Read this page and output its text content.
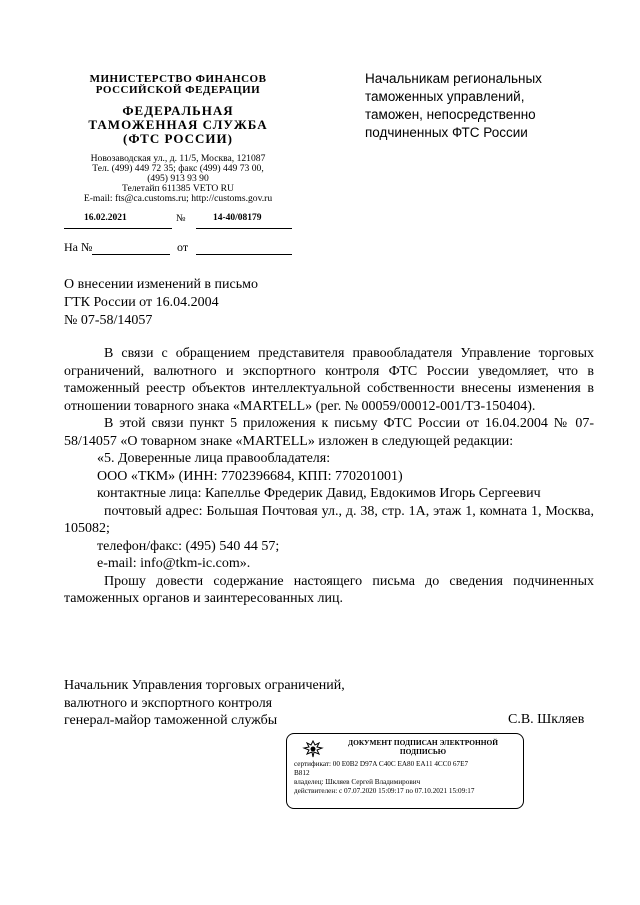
МИНИСТЕРСТВО ФИНАНСОВ
РОССИЙСКОЙ ФЕДЕРАЦИИ
ФЕДЕРАЛЬНАЯ
ТАМОЖЕННАЯ СЛУЖБА
(ФТС РОССИИ)
Новозаводская ул., д. 11/5, Москва, 121087
Тел. (499) 449 72 35; факс (499) 449 73 00,
(495) 913 93 90
Телетайп 611385 VETO RU
E-mail: fts@ca.customs.ru; http://customs.gov.ru
16.02.2021	№	14-40/08179
На №	от
Начальникам региональных
таможенных управлений,
таможен, непосредственно
подчиненных ФТС России
О внесении изменений в письмо
ГТК России от 16.04.2004
№ 07-58/14057

В связи с обращением представителя правообладателя Управление торговых ограничений, валютного и экспортного контроля ФТС России уведомляет, что в таможенный реестр объектов интеллектуальной собственности внесены изменения в отношении товарного знака «MARTELL» (рег. № 00059/00012-001/ТЗ-150404).

В этой связи пункт 5 приложения к письму ФТС России от 16.04.2004 № 07-58/14057 «О товарном знаке «MARTELL» изложен в следующей редакции:

«5. Доверенные лица правообладателя:

ООО «ТКМ» (ИНН: 7702396684, КПП: 770201001)

контактные лица: Капеллье Фредерик Давид, Евдокимов Игорь Сергеевич

почтовый адрес: Большая Почтовая ул., д. 38, стр. 1А, этаж 1, комната 1, Москва, 105082;

телефон/факс: (495) 540 44 57;

e-mail: info@tkm-ic.com».

Прошу довести содержание настоящего письма до сведения подчиненных таможенных органов и заинтересованных лиц.

Начальник Управления торговых ограничений,
валютного и экспортного контроля
генерал-майор таможенной службы	С.В. Шкляев
ДОКУМЕНТ ПОДПИСАН ЭЛЕКТРОННОЙ
ПОДПИСЬЮ
сертификат: 00 E0B2 D97A C40C EA80 EA11 4CC0 67E7
B812
владелец: Шкляев Сергей Владимирович
действителен: с 07.07.2020 15:09:17 по 07.10.2021 15:09:17
